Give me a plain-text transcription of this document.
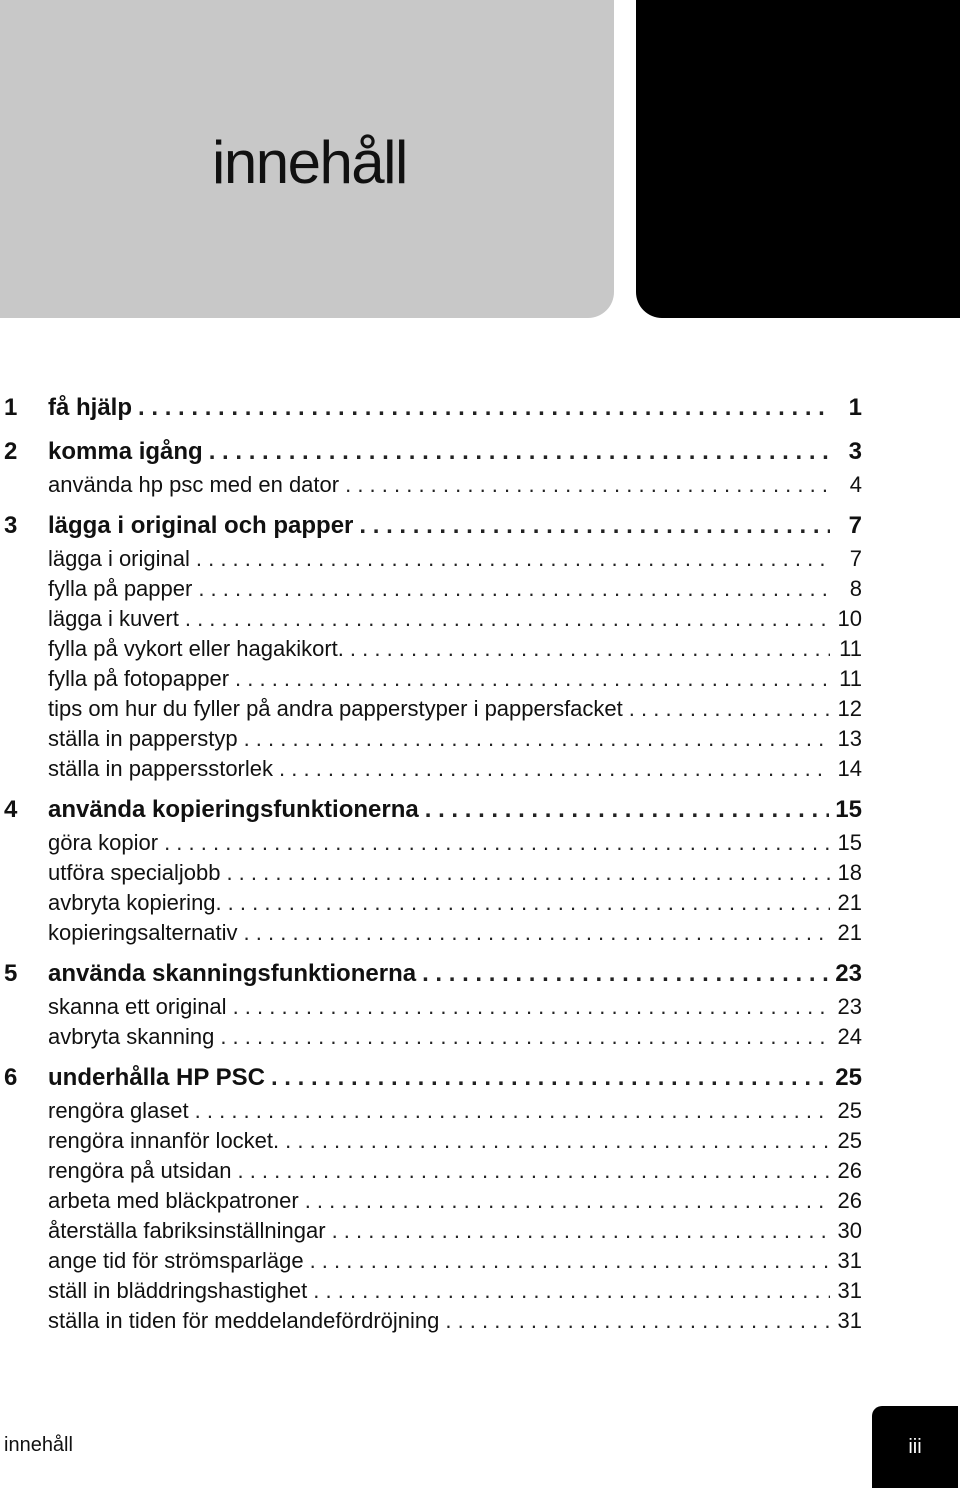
innehåll
1 få hjälp . . .	1
2 komma igång . . .	3
använda hp psc med en dator . . .	4
3 lägga i original och papper . . .	7
lägga i original . . .	7
fylla på papper . . .	8
lägga i kuvert . . .	10
fylla på vykort eller hagakikort. . . .	11
fylla på fotopapper . . .	11
tips om hur du fyller på andra papperstyper i pappersfacket . . .	12
ställa in papperstyp . . .	13
ställa in pappersstorlek . . .	14
4 använda kopieringsfunktionerna . . .	15
göra kopior . . .	15
utföra specialjobb . . .	18
avbryta kopiering. . . .	21
kopieringsalternativ . . .	21
5 använda skanningsfunktionerna . . .	23
skanna ett original . . .	23
avbryta skanning . . .	24
6 underhålla HP PSC . . .	25
rengöra glaset . . .	25
rengöra innanför locket. . . .	25
rengöra på utsidan . . .	26
arbeta med bläckpatroner . . .	26
återställa fabriksinställningar . . .	30
ange tid för strömsparläge . . .	31
ställ in bläddringshastighet . . .	31
ställa in tiden för meddelandefördröjning . . .	31
innehåll	iii
